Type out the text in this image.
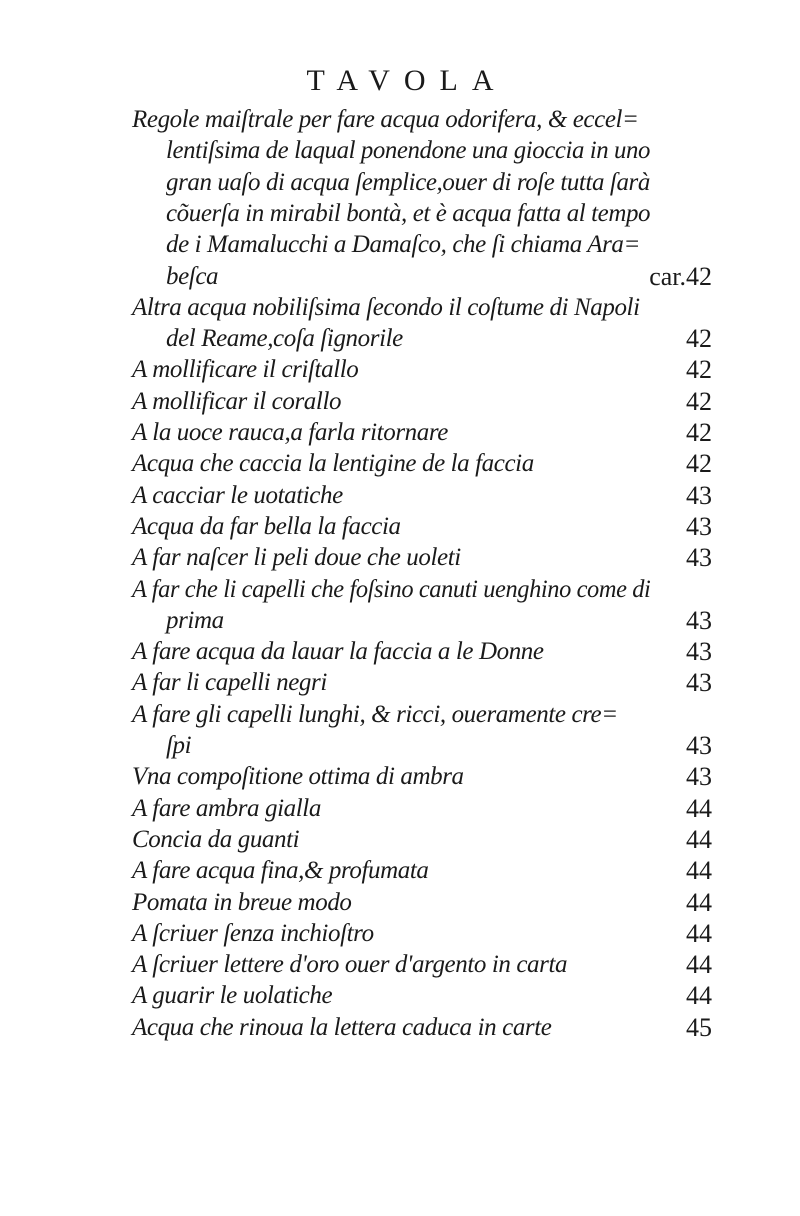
TAVOLA
Regole maiſtrale per fare acqua odorifera, & eccel=
lentiſsima de laqual ponendone una gioccia in uno
gran uaſo di acqua ſemplice,ouer di roſe tutta ſarà
cõuerſa in mirabil bontà, et è acqua fatta al tempo
de i Mamalucchi a Damaſco, che ſi chiama Ara=
beſca	car.42
Altra acqua nobiliſsima ſecondo il coſtume di Napoli
del Reame,coſa ſignorile	42
A mollificare il criſtallo	42
A mollificar il corallo	42
A la uoce rauca,a farla ritornare	42
Acqua che caccia la lentigine de la faccia	42
A cacciar le uotatiche	43
Acqua da far bella la faccia	43
A far naſcer li peli doue che uoleti	43
A far che li capelli che foſsino canuti uenghino come di
prima	43
A fare acqua da lauar la faccia a le Donne	43
A far li capelli negri	43
A fare gli capelli lunghi, & ricci, oueramente cre=
ſpi	43
Vna compoſitione ottima di ambra	43
A fare ambra gialla	44
Concia da guanti	44
A fare acqua fina,& profumata	44
Pomata in breue modo	44
A ſcriuer ſenza inchioſtro	44
A ſcriuer lettere d'oro ouer d'argento in carta	44
A guarir le uolatiche	44
Acqua che rinoua la lettera caduca in carte	45
